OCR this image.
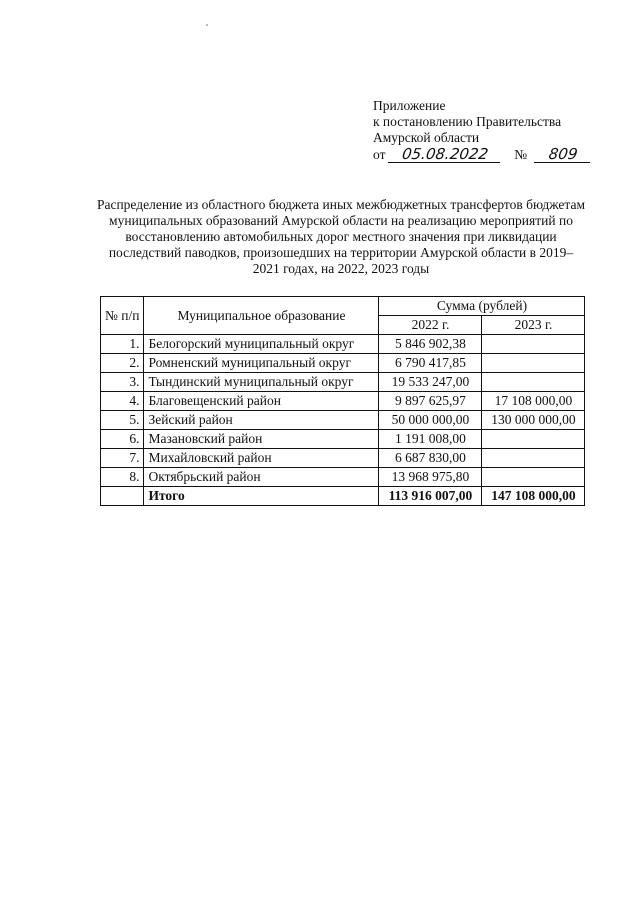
Приложение
к постановлению Правительства
Амурской области
от 05.08.2022 № 809
Распределение из областного бюджета иных межбюджетных трансфертов бюджетам муниципальных образований Амурской области на реализацию мероприятий по восстановлению автомобильных дорог местного значения при ликвидации последствий паводков, произошедших на территории Амурской области в 2019–2021 годах, на 2022, 2023 годы
№ п/п	Муниципальное образование	Сумма (рублей)	
		2022 г.	2023 г.
1.	Белогорский муниципальный округ	5 846 902,38	
2.	Ромненский муниципальный округ	6 790 417,85	
3.	Тындинский муниципальный округ	19 533 247,00	
4.	Благовещенский район	9 897 625,97	17 108 000,00
5.	Зейский район	50 000 000,00	130 000 000,00
6.	Мазановский район	1 191 008,00	
7.	Михайловский район	6 687 830,00	
8.	Октябрьский район	13 968 975,80	
	Итого	113 916 007,00	147 108 000,00
